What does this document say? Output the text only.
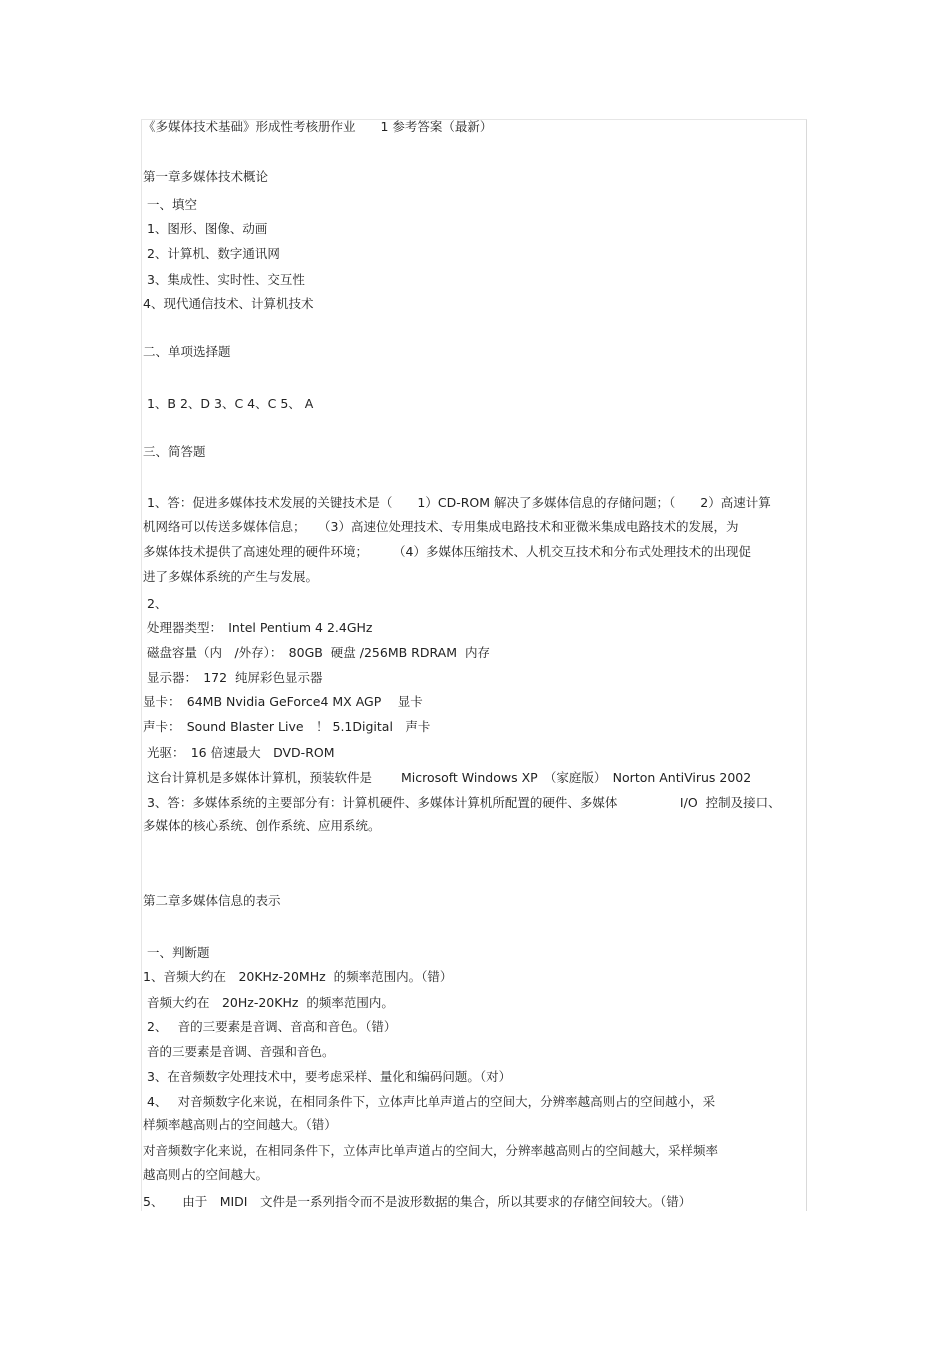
《多媒体技术基础》形成性考核册作业　　1 参考答案（最新）
第一章多媒体技术概论
一、填空
1、图形、图像、动画
2、计算机、数字通讯网
3、集成性、实时性、交互性
4、现代通信技术、计算机技术
二、单项选择题
1、B 2、D 3、C 4、C 5、 A
三、简答题
1、答：促进多媒体技术发展的关键技术是（　　1）CD-ROM 解决了多媒体信息的存储问题；（　　2）高速计算
机网络可以传送多媒体信息；　　（3）高速位处理技术、专用集成电路技术和亚微米集成电路技术的发展，为
多媒体技术提供了高速处理的硬件环境；　　　（4）多媒体压缩技术、人机交互技术和分布式处理技术的出现促
进了多媒体系统的产生与发展。
2、
处理器类型：　Intel Pentium 4 2.4GHz
磁盘容量（内　/外存）：　80GB  硬盘 /256MB RDRAM  内存
显示器：　172  纯屏彩色显示器
显卡：　64MB Nvidia GeForce4 MX AGP　 显卡
声卡：　Sound Blaster Live　！ 5.1Digital　声卡
光驱：　16 倍速最大　DVD-ROM
这台计算机是多媒体计算机，预装软件是　　 Microsoft Windows XP　（家庭版）　Norton AntiVirus 2002
3、答：多媒体系统的主要部分有：计算机硬件、多媒体计算机所配置的硬件、多媒体　　　　　I/O  控制及接口、
多媒体的核心系统、创作系统、应用系统。
第二章多媒体信息的表示
一、判断题
1、音频大约在　20KHz-20MHz  的频率范围内。（错）
音频大约在　20Hz-20KHz  的频率范围内。
2、　 音的三要素是音调、音高和音色。（错）
音的三要素是音调、音强和音色。
3、在音频数字处理技术中，要考虑采样、量化和编码问题。（对）
4、　 对音频数字化来说，在相同条件下，立体声比单声道占的空间大，分辨率越高则占的空间越小，采
样频率越高则占的空间越大。（错）
对音频数字化来说，在相同条件下，立体声比单声道占的空间大，分辨率越高则占的空间越大，采样频率
越高则占的空间越大。
5、　　由于　MIDI　文件是一系列指令而不是波形数据的集合，所以其要求的存储空间较大。（错）
